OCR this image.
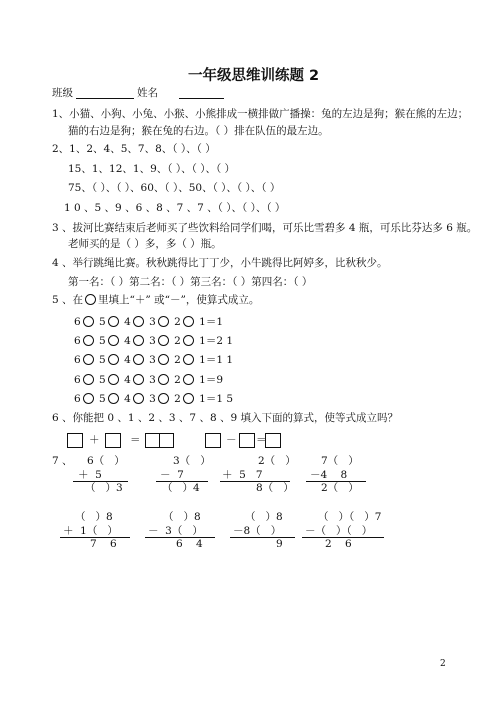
一年级思维训练题 2
班级	姓名
1、小猫、小狗、小兔、小猴、小熊排成一横排做广播操：兔的左边是狗；猴在熊的左边；
猫的右边是狗；猴在兔的右边。（ ）排在队伍的最左边。
2、1、2、4、5、7、8、（ ）、（ ）
15、1、12、1、9、（ ）、（ ）、（ ）
75、（ ）、（ ）、60、（ ）、50、（ ）、（ ）、（ ）
1 0 、5 、9 、6 、8 、7 、7 、（ ）、（ ）、（ ）
3 、拔河比赛结束后老师买了些饮料给同学们喝，可乐比雪碧多 4 瓶，可乐比芬达多 6 瓶。
老师买的是（ ）多，多（ ）瓶。
4 、举行跳绳比赛。秋秋跳得比丁丁少，小牛跳得比阿婷多，比秋秋少。
第一名：（ ）第二名：（ ）第三名：（ ）第四名：（ ）
5 、在 里填上“＋” 或“－”，使算式成立。
6 5 4 3 2 1＝1
6 5 4 3 2 1＝2 1
6 5 4 3 2 1＝1 1
6 5 4 3 2 1＝9
6 5 4 3 2 1＝1 5
6 、你能把 0 、1 、2 、3 、7 、8 、9 填入下面的算式，使等式成立吗？
＋	＝	－ ＝
7 、 6（   ）
＋  5
（   ）3
3（   ）
－  7
（   ）4
2（   ）
＋  5   7
8（   ）
7（   ）
－4    8
2（   ）
（   ）8
＋  1（   ）
7    6
（   ）8
－  3（   ）
6    4
（   ）8
－8（   ）
9
（   ）（   ）7
－（   ）（   ）
2    6
2
